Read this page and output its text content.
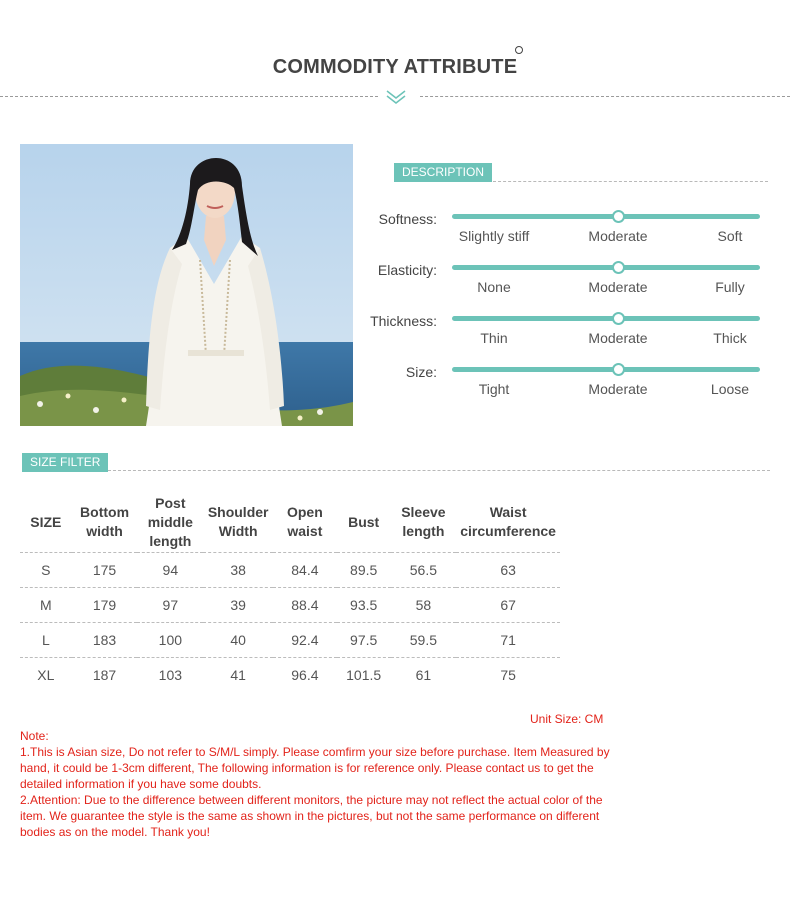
COMMODITY ATTRIBUTE
DESCRIPTION
Softness:
Slightly stiff	Moderate	Soft
Elasticity:
None	Moderate	Fully
Thickness:
Thin	Moderate	Thick
Size:
Tight	Moderate	Loose
SIZE FILTER
SIZE	Bottom width	Post middle length	Shoulder Width	Open waist	Bust	Sleeve length	Waist circumference
S	175	94	38	84.4	89.5	56.5	63
M	179	97	39	88.4	93.5	58	67
L	183	100	40	92.4	97.5	59.5	71
XL	187	103	41	96.4	101.5	61	75
Unit Size: CM

Note:

1.This is Asian size, Do not refer to S/M/L simply. Please comfirm your size before purchase. Item Measured by hand, it could be 1-3cm different, The following information is for reference only. Please contact us to get the detailed information if you have some doubts.

2.Attention: Due to the difference between different monitors, the picture may not reflect the actual color of the item. We guarantee the style is the same as shown in the pictures, but not the same performance on different bodies as on the model. Thank you!
